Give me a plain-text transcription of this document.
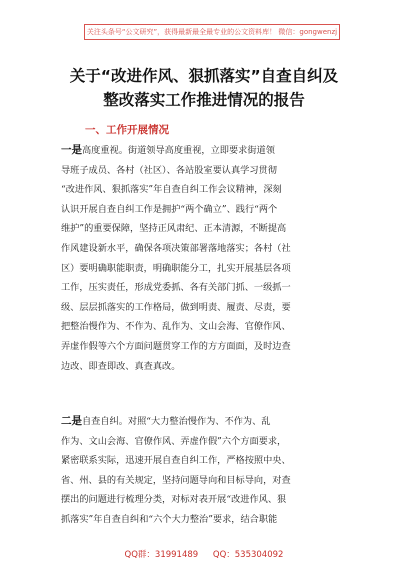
关注头条号“公文研究”，获得最新最全最专业的公文资料库！ 微信：gongwenzj
关于“改进作风、狠抓落实”自查自纠及
整改落实工作推进情况的报告
一、工作开展情况
一是高度重视。街道领导高度重视，立即要求街道领
导班子成员、各村（社区）、各站股室要认真学习贯彻
“改进作风、狠抓落实”年自查自纠工作会议精神，深刻
认识开展自查自纠工作是拥护“两个确立”、践行“两个
维护”的重要保障，坚持正风肃纪、正本清源，不断提高
作风建设新水平，确保各项决策部署落地落实；各村（社
区）要明确职能职责，明确职能分工，扎实开展基层各项
工作，压实责任，形成党委抓、各有关部门抓、一级抓一
级、层层抓落实的工作格局，做到明责、履责、尽责，要
把整治慢作为、不作为、乱作为、文山会海、官僚作风、
弄虚作假等六个方面问题贯穿工作的方方面面，及时边查
边改、即查即改、真查真改。
二是自查自纠。对照“大力整治慢作为、不作为、乱
作为、文山会海、官僚作风、弄虚作假”六个方面要求，
紧密联系实际，迅速开展自查自纠工作，严格按照中央、
省、州、县的有关规定，坚持问题导向和目标导向，对查
摆出的问题进行梳理分类，对标对表开展“改进作风、狠
抓落实”年自查自纠和“六个大力整治”要求，结合职能
QQ群：31991489 QQ：535304092
